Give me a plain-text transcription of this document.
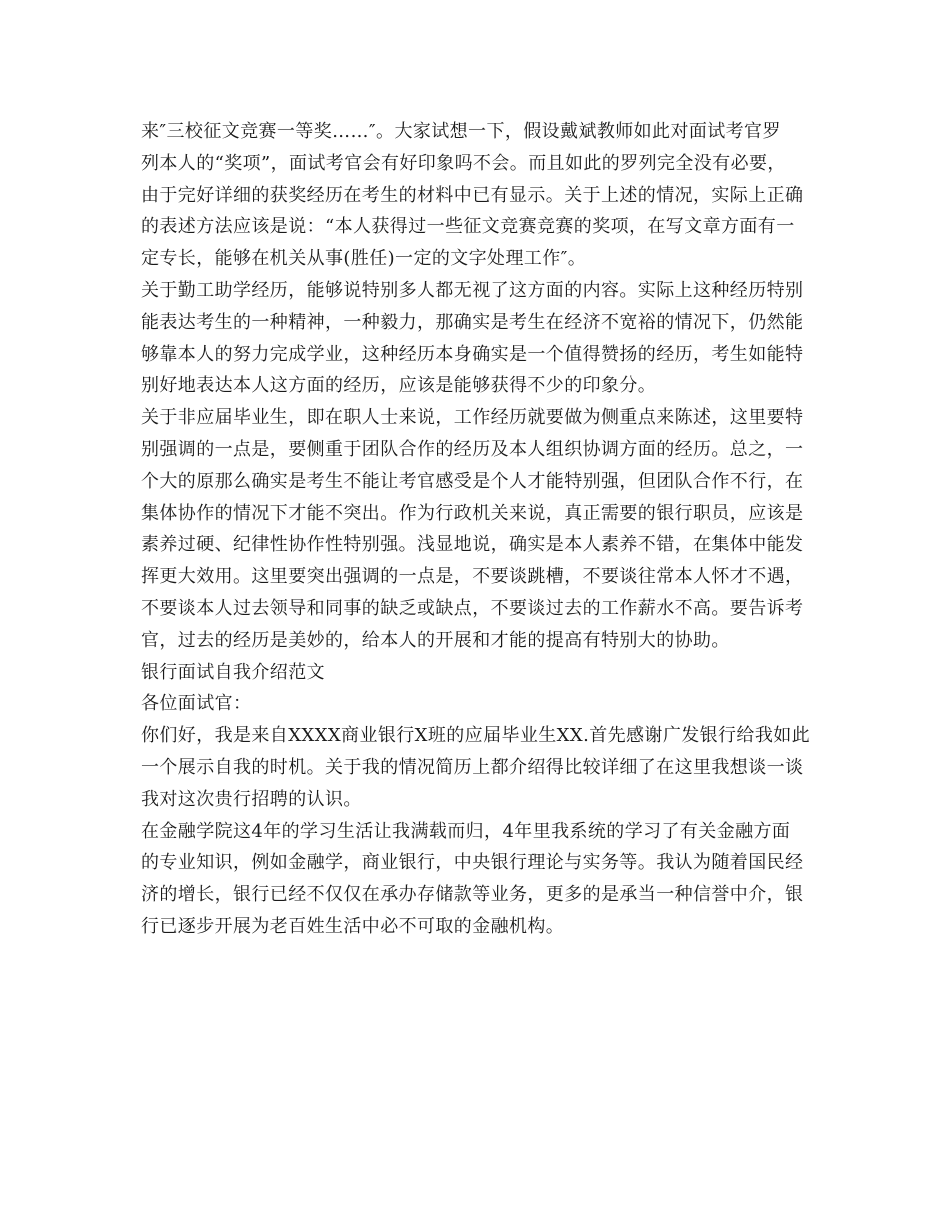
来″三校征文竞赛一等奖……″。大家试想一下，假设戴斌教师如此对面试考官罗
列本人的“奖项”，面试考官会有好印象吗不会。而且如此的罗列完全没有必要，
由于完好详细的获奖经历在考生的材料中已有显示。关于上述的情况，实际上正确
的表述方法应该是说：“本人获得过一些征文竞赛竞赛的奖项，在写文章方面有一
定专长，能够在机关从事(胜任)一定的文字处理工作″。
关于勤工助学经历，能够说特别多人都无视了这方面的内容。实际上这种经历特别
能表达考生的一种精神，一种毅力，那确实是考生在经济不宽裕的情况下，仍然能
够靠本人的努力完成学业，这种经历本身确实是一个值得赞扬的经历，考生如能特
别好地表达本人这方面的经历，应该是能够获得不少的印象分。
关于非应届毕业生，即在职人士来说，工作经历就要做为侧重点来陈述，这里要特
别强调的一点是，要侧重于团队合作的经历及本人组织协调方面的经历。总之，一
个大的原那么确实是考生不能让考官感受是个人才能特别强，但团队合作不行，在
集体协作的情况下才能不突出。作为行政机关来说，真正需要的银行职员，应该是
素养过硬、纪律性协作性特别强。浅显地说，确实是本人素养不错，在集体中能发
挥更大效用。这里要突出强调的一点是，不要谈跳槽，不要谈往常本人怀才不遇，
不要谈本人过去领导和同事的缺乏或缺点，不要谈过去的工作薪水不高。要告诉考
官，过去的经历是美妙的，给本人的开展和才能的提高有特别大的协助。
银行面试自我介绍范文
各位面试官：
你们好，我是来自XXXX商业银行X班的应届毕业生XX.首先感谢广发银行给我如此
一个展示自我的时机。关于我的情况简历上都介绍得比较详细了在这里我想谈一谈
我对这次贵行招聘的认识。
在金融学院这4年的学习生活让我满载而归，4年里我系统的学习了有关金融方面
的专业知识，例如金融学，商业银行，中央银行理论与实务等。我认为随着国民经
济的增长，银行已经不仅仅在承办存储款等业务，更多的是承当一种信誉中介，银
行已逐步开展为老百姓生活中必不可取的金融机构。
